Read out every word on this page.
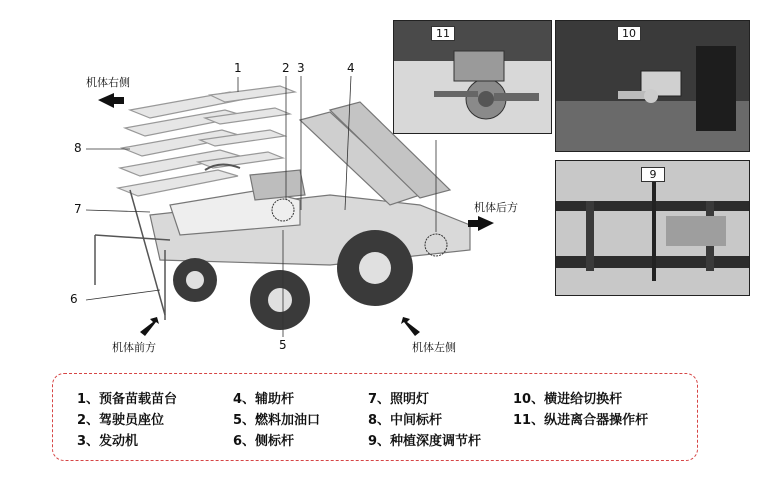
机体右侧
机体后方
机体前方	机体左侧
1	2 3	4
5
6
7
8
11	10
9
1、预备苗载苗台
2、驾驶员座位
3、发动机
4、辅助杆
5、燃料加油口
6、侧标杆
7、照明灯
8、中间标杆
9、种植深度调节杆
10、横进给切换杆
11、纵进离合器操作杆
